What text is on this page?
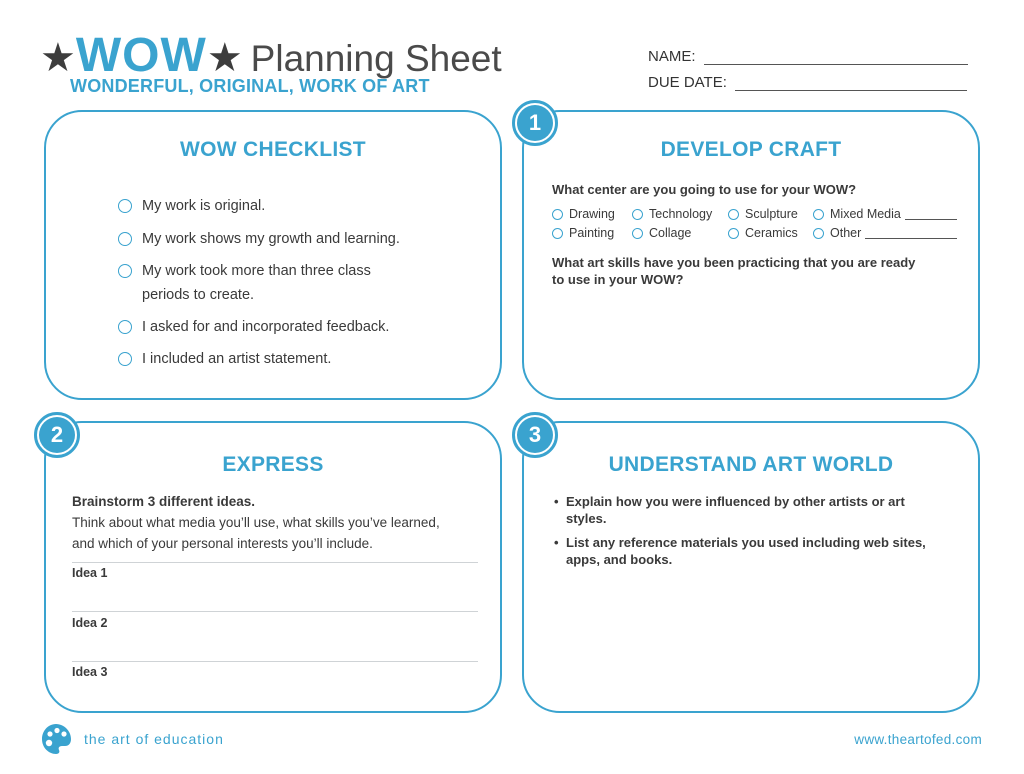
★ WOW ★ Planning Sheet
WONDERFUL, ORIGINAL, WORK OF ART
NAME:
DUE DATE:
WOW CHECKLIST
My work is original.
My work shows my growth and learning.
My work took more than three class
periods to create.
I asked for and incorporated feedback.
I included an artist statement.
DEVELOP CRAFT
What center are you going to use for your WOW?
Drawing	Technology	Sculpture	Mixed Media
Painting	Collage	Ceramics	Other
What art skills have you been practicing that you are ready
to use in your WOW?
1
EXPRESS
Brainstorm 3 different ideas.
Think about what media you’ll use, what skills you’ve learned,
and which of your personal interests you’ll include.
Idea 1
Idea 2
Idea 3
2
UNDERSTAND ART WORLD
• Explain how you were influenced by other artists or art
styles.
• List any reference materials you used including web sites,
apps, and books.
3
the art of education	www.theartofed.com
